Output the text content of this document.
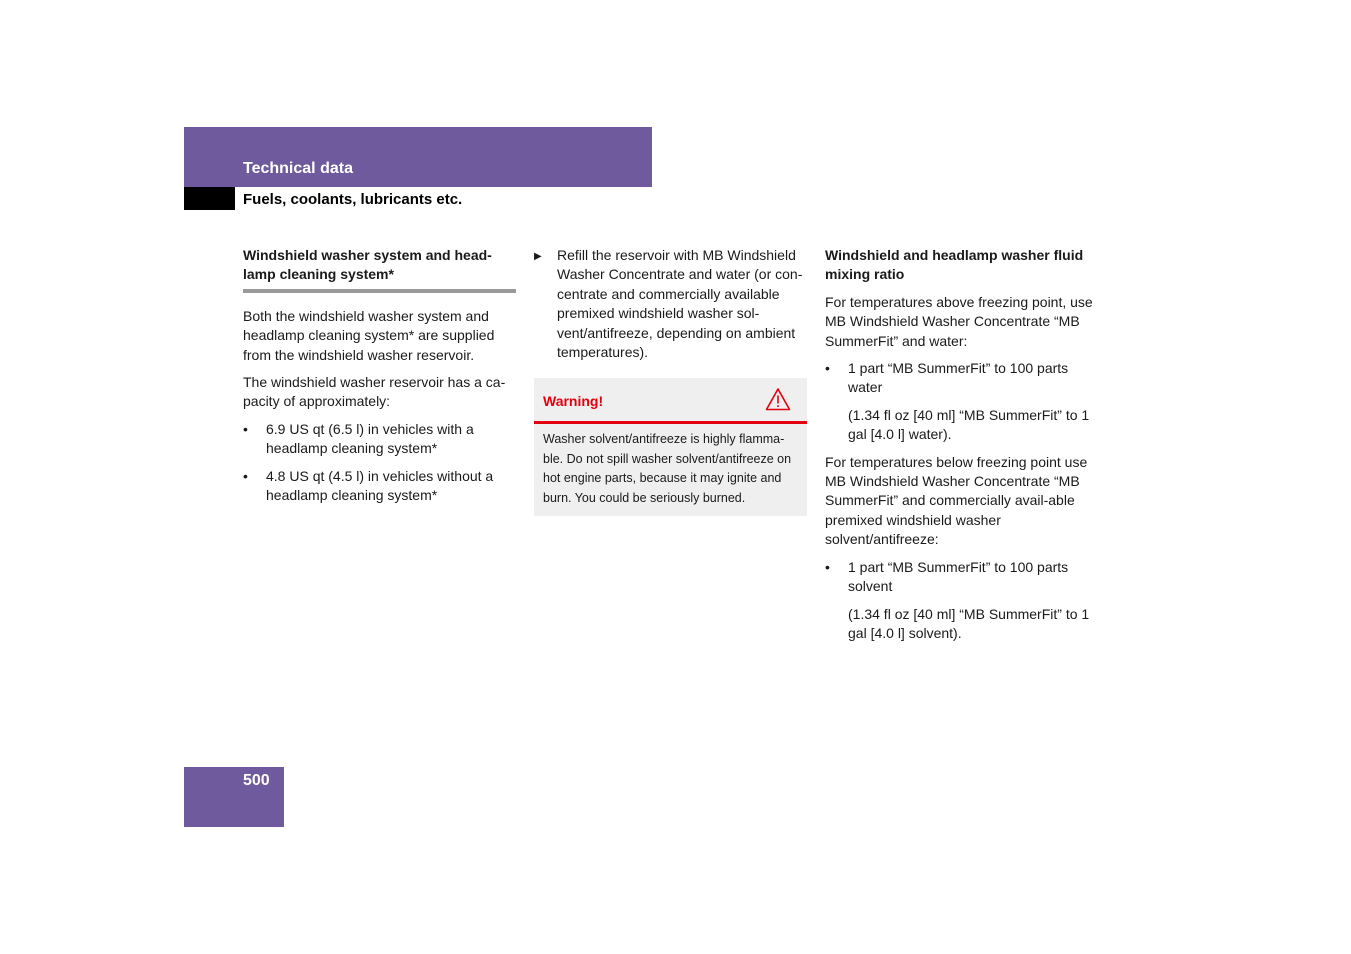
Technical data
Fuels, coolants, lubricants etc.
Windshield washer system and head-lamp cleaning system*

Both the windshield washer system and headlamp cleaning system* are supplied from the windshield washer reservoir.

The windshield washer reservoir has a ca-pacity of approximately:

• 6.9 US qt (6.5 l) in vehicles with a headlamp cleaning system*
• 4.8 US qt (4.5 l) in vehicles without a headlamp cleaning system*
▶ Refill the reservoir with MB Windshield Washer Concentrate and water (or con-centrate and commercially available premixed windshield washer sol-vent/antifreeze, depending on ambient temperatures).
Warning!
Washer solvent/antifreeze is highly flamma-ble. Do not spill washer solvent/antifreeze on hot engine parts, because it may ignite and burn. You could be seriously burned.
Windshield and headlamp washer fluid mixing ratio

For temperatures above freezing point, use MB Windshield Washer Concentrate “MB SummerFit” and water:

• 1 part “MB SummerFit” to 100 parts water
(1.34 fl oz [40 ml] “MB SummerFit” to 1 gal [4.0 l] water).

For temperatures below freezing point use MB Windshield Washer Concentrate “MB SummerFit” and commercially avail-able premixed windshield washer solvent/antifreeze:

• 1 part “MB SummerFit” to 100 parts solvent
(1.34 fl oz [40 ml] “MB SummerFit” to 1 gal [4.0 l] solvent).
500
